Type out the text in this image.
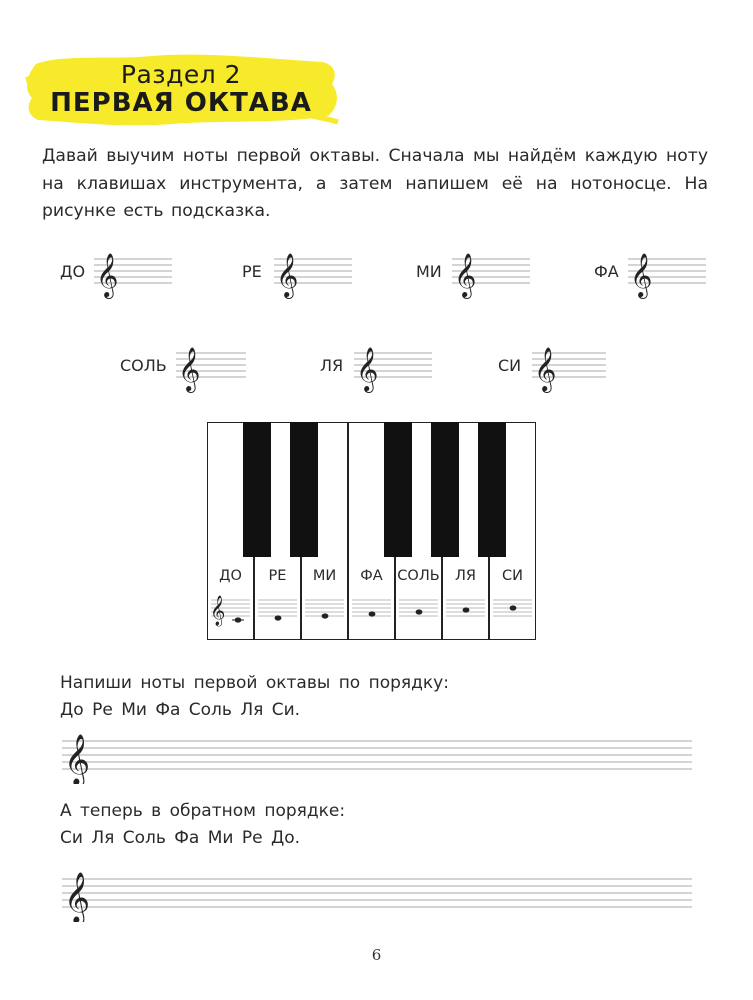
Раздел 2
ПЕРВАЯ ОКТАВА
Давай выучим ноты первой октавы. Сначала мы найдём каждую ноту на клавишах инструмента, а затем напишем её на нотоносце. На рисунке есть подсказка.
ДО 𝄞	РЕ 𝄞	МИ 𝄞	ФА 𝄞
СОЛЬ 𝄞	ЛЯ 𝄞	СИ 𝄞
ДО	РЕ	МИ	ФА	СОЛЬ	ЛЯ	СИ
𝄞
Напиши ноты первой октавы по порядку:
До Ре Ми Фа Соль Ля Си.
𝄞
А теперь в обратном порядке:
Си Ля Соль Фа Ми Ре До.
𝄞
6
